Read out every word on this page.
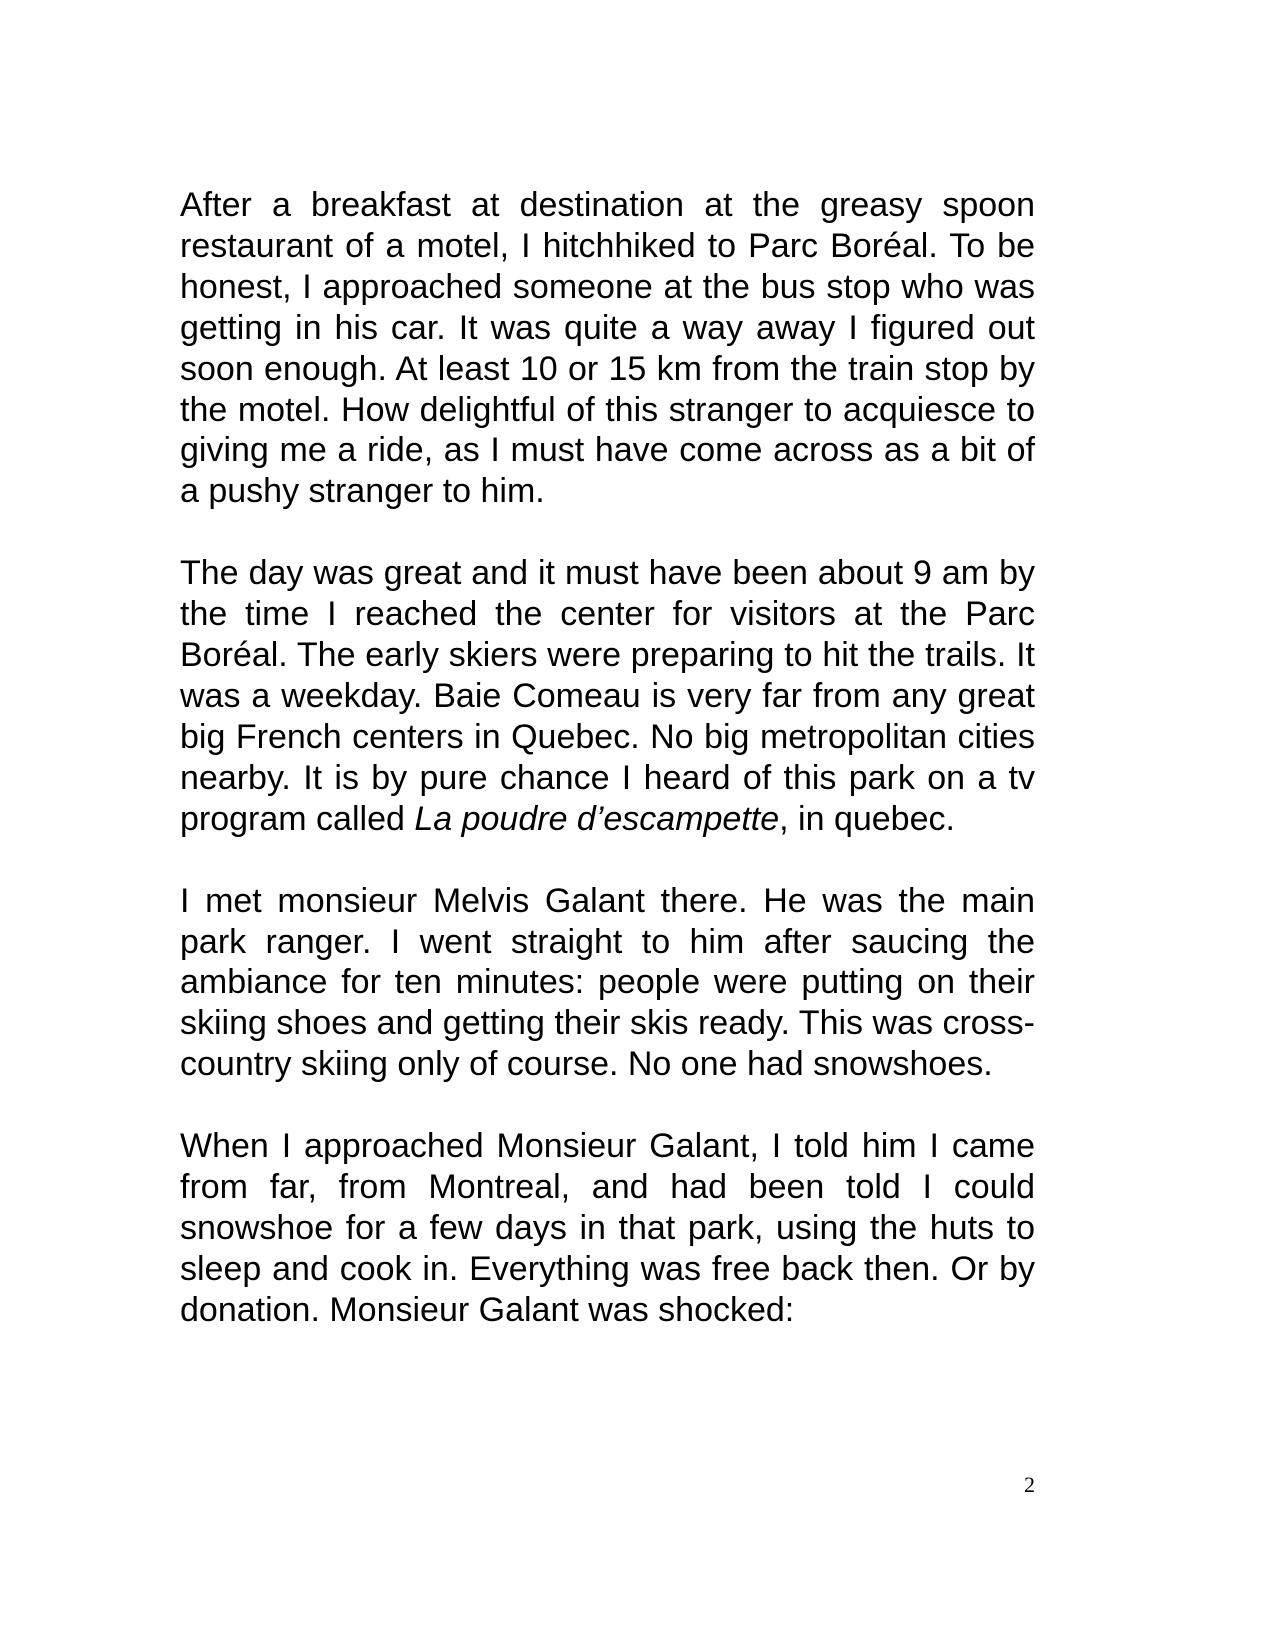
After a breakfast at destination at the greasy spoon restaurant of a motel, I hitchhiked to Parc Boréal. To be honest, I approached someone at the bus stop who was getting in his car. It was quite a way away I figured out soon enough. At least 10 or 15 km from the train stop by the motel. How delightful of this stranger to acquiesce to giving me a ride, as I must have come across as a bit of a pushy stranger to him.

The day was great and it must have been about 9 am by the time I reached the center for visitors at the Parc Boréal. The early skiers were preparing to hit the trails. It was a weekday. Baie Comeau is very far from any great big French centers in Quebec. No big metropolitan cities nearby. It is by pure chance I heard of this park on a tv program called La poudre d’escampette, in quebec.

I met monsieur Melvis Galant there. He was the main park ranger. I went straight to him after saucing the ambiance for ten minutes: people were putting on their skiing shoes and getting their skis ready. This was cross-country skiing only of course. No one had snowshoes.

When I approached Monsieur Galant, I told him I came from far, from Montreal, and had been told I could snowshoe for a few days in that park, using the huts to sleep and cook in. Everything was free back then. Or by donation. Monsieur Galant was shocked:

2
